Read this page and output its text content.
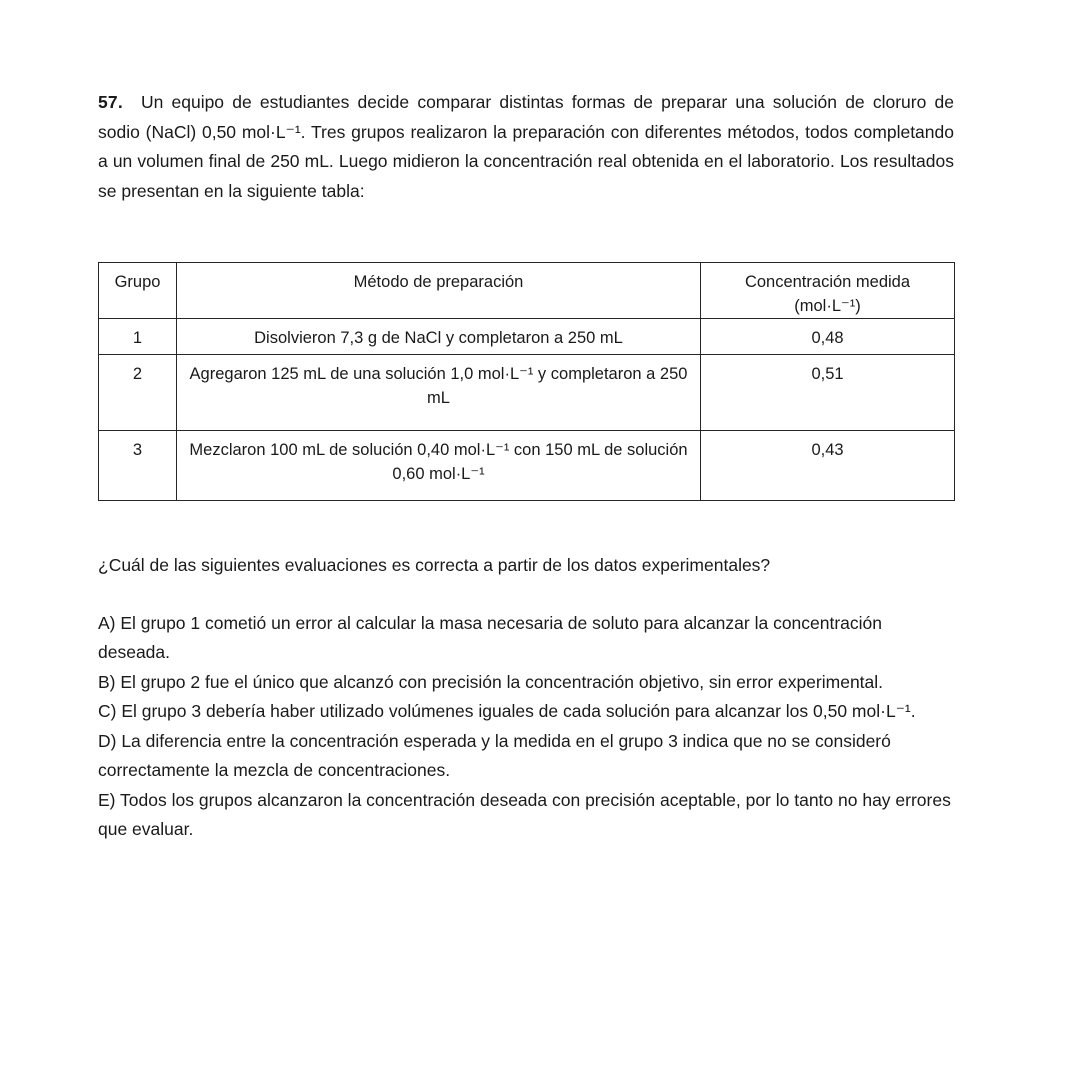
57. Un equipo de estudiantes decide comparar distintas formas de preparar una solución de cloruro de sodio (NaCl) 0,50 mol·L⁻¹. Tres grupos realizaron la preparación con diferentes métodos, todos completando a un volumen final de 250 mL. Luego midieron la concentración real obtenida en el laboratorio. Los resultados se presentan en la siguiente tabla:

Grupo	Método de preparación	Concentración medida
(mol·L⁻¹)

1	Disolvieron 7,3 g de NaCl y completaron a 250 mL	0,48
2	Agregaron 125 mL de una solución 1,0 mol·L⁻¹ y completaron a 250 mL	0,51
3	Mezclaron 100 mL de solución 0,40 mol·L⁻¹ con 150 mL de solución 0,60 mol·L⁻¹	0,43

¿Cuál de las siguientes evaluaciones es correcta a partir de los datos experimentales?

A) El grupo 1 cometió un error al calcular la masa necesaria de soluto para alcanzar la concentración deseada.

B) El grupo 2 fue el único que alcanzó con precisión la concentración objetivo, sin error experimental.

C) El grupo 3 debería haber utilizado volúmenes iguales de cada solución para alcanzar los 0,50 mol·L⁻¹.

D) La diferencia entre la concentración esperada y la medida en el grupo 3 indica que no se consideró correctamente la mezcla de concentraciones.

E) Todos los grupos alcanzaron la concentración deseada con precisión aceptable, por lo tanto no hay errores que evaluar.
